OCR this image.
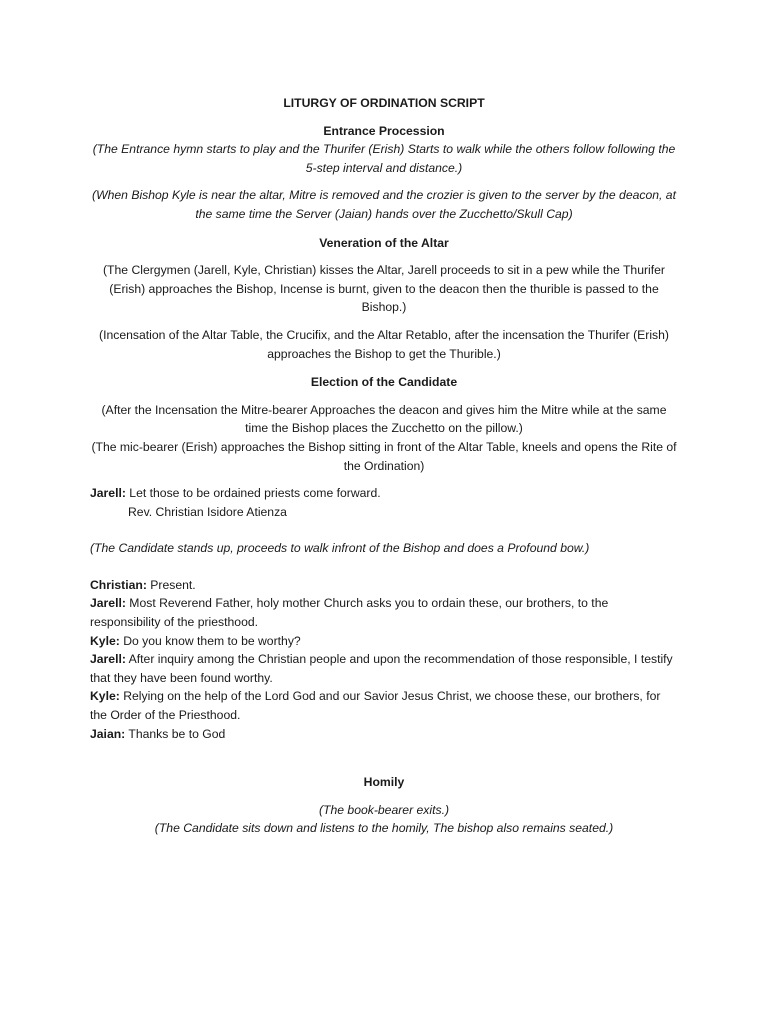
LITURGY OF ORDINATION SCRIPT

Entrance Procession

(The Entrance hymn starts to play and the Thurifer (Erish) Starts to walk while the others follow following the 5-step interval and distance.)

(When Bishop Kyle is near the altar, Mitre is removed and the crozier is given to the server by the deacon, at the same time the Server (Jaian) hands over the Zucchetto/Skull Cap)

Veneration of the Altar

(The Clergymen (Jarell, Kyle, Christian) kisses the Altar, Jarell proceeds to sit in a pew while the Thurifer (Erish) approaches the Bishop, Incense is burnt, given to the deacon then the thurible is passed to the Bishop.)

(Incensation of the Altar Table, the Crucifix, and the Altar Retablo, after the incensation the Thurifer (Erish) approaches the Bishop to get the Thurible.)

Election of the Candidate

(After the Incensation the Mitre-bearer Approaches the deacon and gives him the Mitre while at the same time the Bishop places the Zucchetto on the pillow.)

(The mic-bearer (Erish) approaches the Bishop sitting in front of the Altar Table, kneels and opens the Rite of the Ordination)

Jarell: Let those to be ordained priests come forward.

Rev. Christian Isidore Atienza

(The Candidate stands up, proceeds to walk infront of the Bishop and does a Profound bow.)

Christian: Present.

Jarell: Most Reverend Father, holy mother Church asks you to ordain these, our brothers, to the responsibility of the priesthood.

Kyle: Do you know them to be worthy?

Jarell: After inquiry among the Christian people and upon the recommendation of those responsible, I testify that they have been found worthy.

Kyle: Relying on the help of the Lord God and our Savior Jesus Christ, we choose these, our brothers, for the Order of the Priesthood.

Jaian: Thanks be to God

Homily

(The book-bearer exits.)

(The Candidate sits down and listens to the homily, The bishop also remains seated.)
